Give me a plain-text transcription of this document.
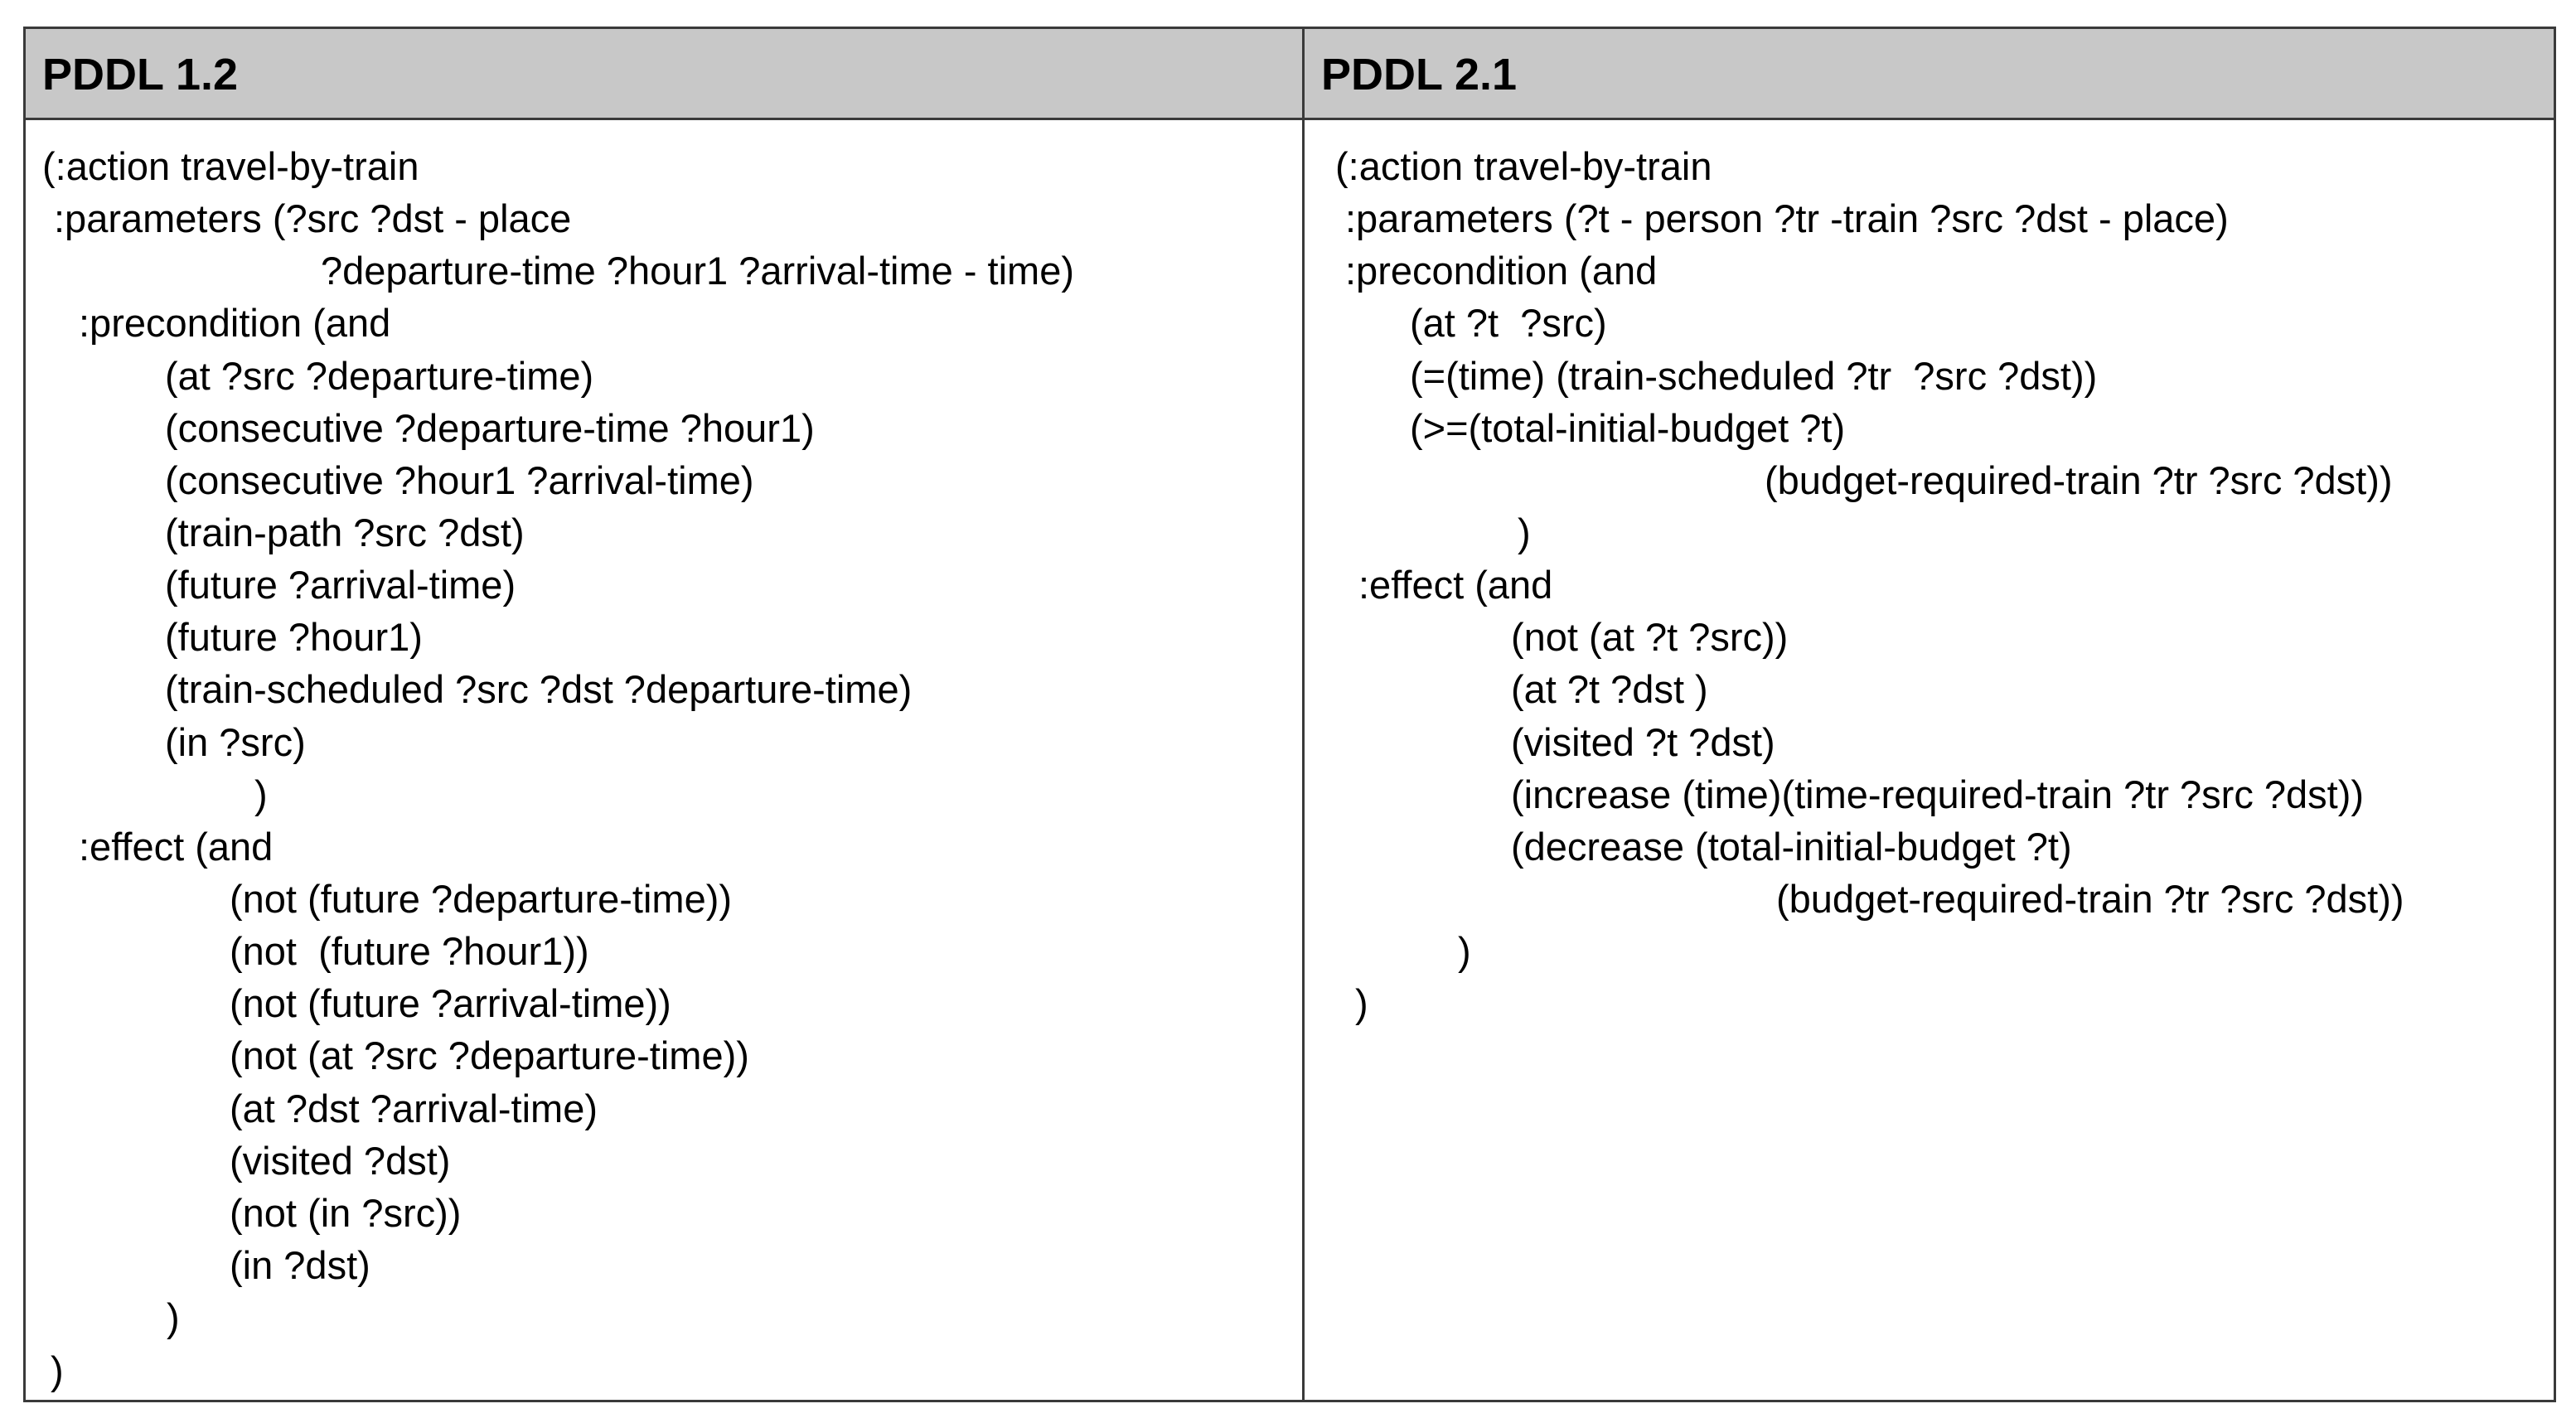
PDDL 1.2	PDDL 2.1
(:action travel-by-train
:parameters (?src ?dst - place
?departure-time ?hour1 ?arrival-time - time)
:precondition (and
(at ?src ?departure-time)
(consecutive ?departure-time ?hour1)
(consecutive ?hour1 ?arrival-time)
(train-path ?src ?dst)
(future ?arrival-time)
(future ?hour1)
(train-scheduled ?src ?dst ?departure-time)
(in ?src)
)
:effect (and
(not (future ?departure-time))
(not  (future ?hour1))
(not (future ?arrival-time))
(not (at ?src ?departure-time))
(at ?dst ?arrival-time)
(visited ?dst)
(not (in ?src))
(in ?dst)
)
)
(:action travel-by-train
:parameters (?t - person ?tr -train ?src ?dst - place)
:precondition (and
(at ?t  ?src)
(=(time) (train-scheduled ?tr  ?src ?dst))
(>=(total-initial-budget ?t)
(budget-required-train ?tr ?src ?dst))
)
:effect (and
(not (at ?t ?src))
(at ?t ?dst )
(visited ?t ?dst)
(increase (time)(time-required-train ?tr ?src ?dst))
(decrease (total-initial-budget ?t)
(budget-required-train ?tr ?src ?dst))
)
)
